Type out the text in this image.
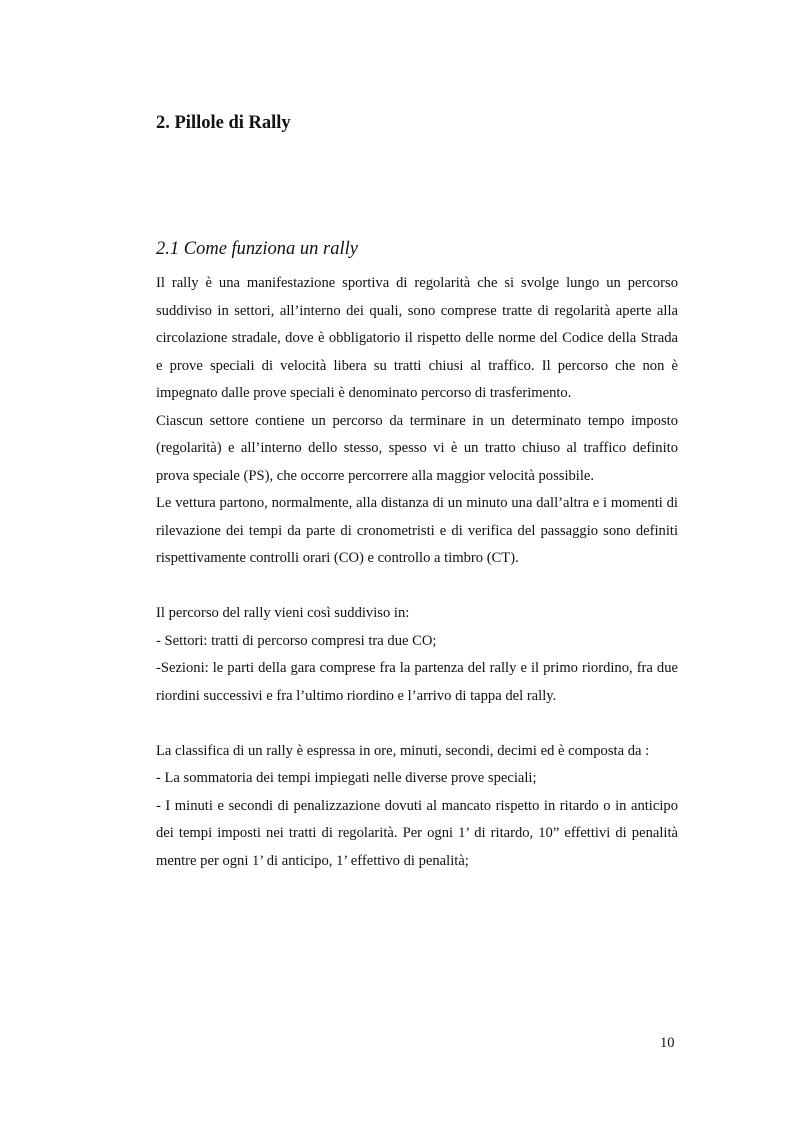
2. Pillole di Rally
2.1 Come funziona un rally

Il rally è una manifestazione sportiva di regolarità che si svolge lungo un percorso suddiviso in settori, all’interno dei quali, sono comprese tratte di regolarità aperte alla circolazione stradale, dove è obbligatorio il rispetto delle norme del Codice della Strada e prove speciali di velocità libera su tratti chiusi al traffico. Il percorso che non è impegnato dalle prove speciali è denominato percorso di trasferimento.

Ciascun settore contiene un percorso da terminare in un determinato tempo imposto (regolarità) e all’interno dello stesso, spesso vi è un tratto chiuso al traffico definito prova speciale (PS), che occorre percorrere alla maggior velocità possibile.

Le vettura partono, normalmente, alla distanza di un minuto una dall’altra e i momenti di rilevazione dei tempi da parte di cronometristi e di verifica del passaggio sono definiti rispettivamente controlli orari (CO) e controllo a timbro (CT).

Il percorso del rally vieni così suddiviso in:

- Settori: tratti di percorso compresi tra due CO;

-Sezioni: le parti della gara comprese fra la partenza del rally e il primo riordino, fra due riordini successivi e fra l’ultimo riordino e l’arrivo di tappa del rally.

La classifica di un rally è espressa in ore, minuti, secondi, decimi ed è composta da :

- La sommatoria dei tempi impiegati nelle diverse prove speciali;

- I minuti e secondi di penalizzazione dovuti al mancato rispetto in ritardo o in anticipo dei tempi imposti nei tratti di regolarità. Per ogni 1’ di ritardo, 10” effettivi di penalità mentre per ogni 1’ di anticipo, 1’ effettivo di penalità;

10
